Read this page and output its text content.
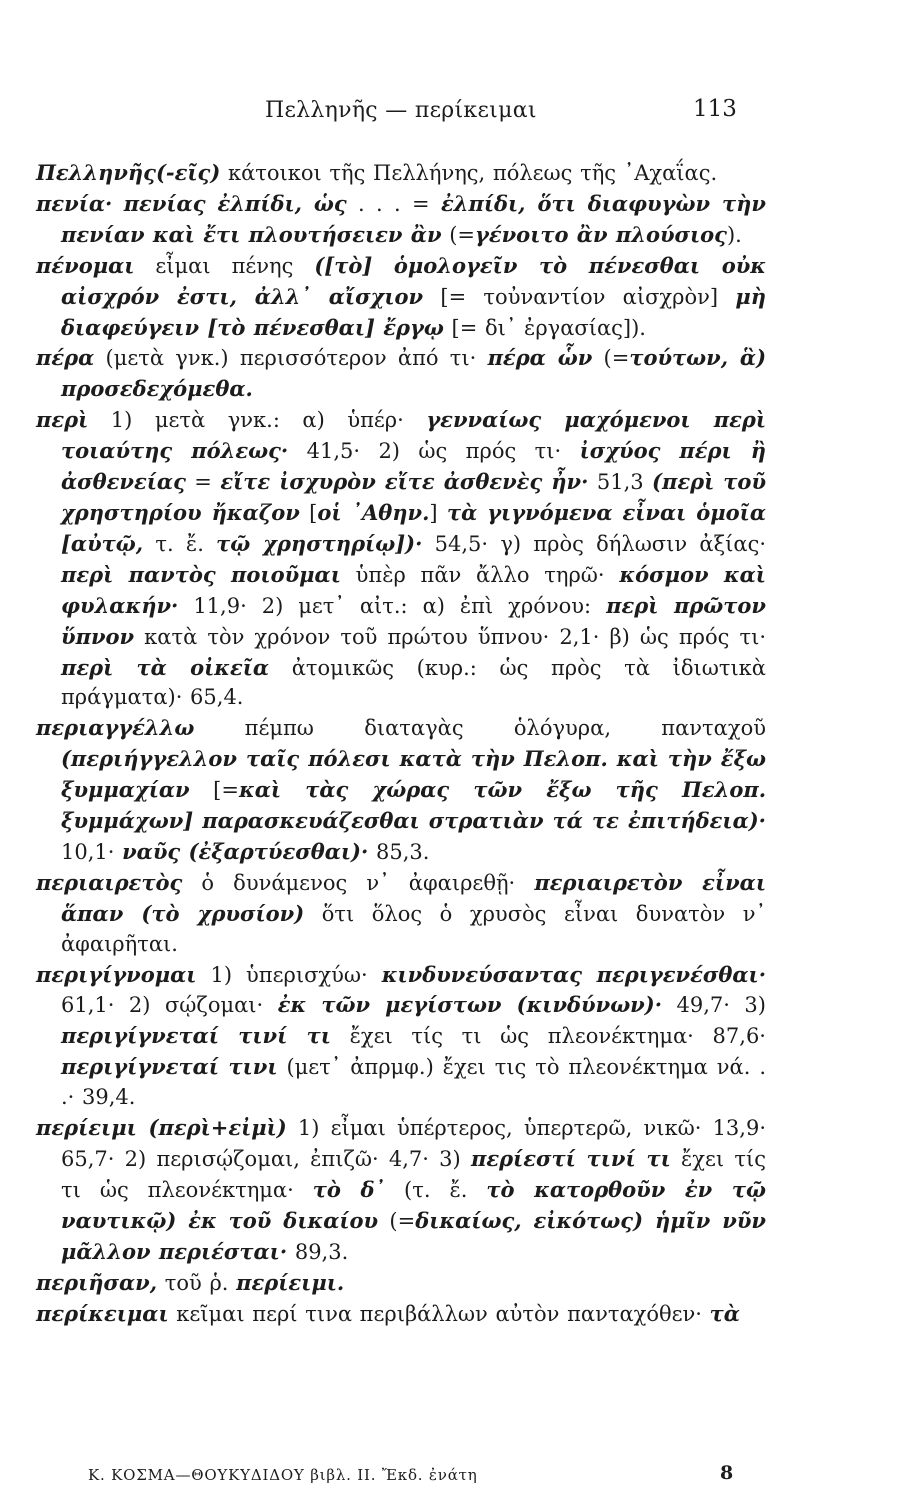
Πελληνῆς — περίκειμαι	113

Πελληνῆς(-εῖς) κάτοικοι τῆς Πελλήνης, πόλεως τῆς ᾿Αχαΐας.

πενία· πενίας ἐλπίδι, ὡς . . . = ἐλπίδι, ὅτι διαφυγὼν τὴν πενίαν καὶ ἔτι πλουτήσειεν ἂν (=γένοιτο ἂν πλούσιος).

πένομαι εἶμαι πένης ([τὸ] ὁμολογεῖν τὸ πένεσθαι οὐκ αἰσχρόν ἐστι, ἀλλ᾿ αἴσχιον [= τοὐναντίον αἰσχρὸν] μὴ διαφεύγειν [τὸ πένεσθαι] ἔργῳ [= δι᾿ ἐργασίας]).

πέρα (μετὰ γνκ.) περισσότερον ἀπό τι· πέρα ὧν (=τούτων, ἃ) προσεδεχόμεθα.

περὶ 1) μετὰ γνκ.: α) ὑπέρ· γενναίως μαχόμενοι περὶ τοιαύτης πόλεως· 41,5· 2) ὡς πρός τι· ἰσχύος πέρι ἢ ἀσθενείας = εἴτε ἰσχυρὸν εἴτε ἀσθενὲς ἦν· 51,3 (περὶ τοῦ χρηστηρίου ἤκαζον [οἱ ᾿Αθην.] τὰ γιγνόμενα εἶναι ὁμοῖα [αὐτῷ, τ. ἔ. τῷ χρηστηρίῳ])· 54,5· γ) πρὸς δήλωσιν ἀξίας· περὶ παντὸς ποιοῦμαι ὑπὲρ πᾶν ἄλλο τηρῶ· κόσμον καὶ φυλακήν· 11,9· 2) μετ᾿ αἰτ.: α) ἐπὶ χρόνου: περὶ πρῶτον ὕπνον κατὰ τὸν χρόνον τοῦ πρώτου ὕπνου· 2,1· β) ὡς πρός τι· περὶ τὰ οἰκεῖα ἀτομικῶς (κυρ.: ὡς πρὸς τὰ ἰδιωτικὰ πράγματα)· 65,4.

περιαγγέλλω πέμπω διαταγὰς ὁλόγυρα, πανταχοῦ (περιήγγελλον ταῖς πόλεσι κατὰ τὴν Πελοπ. καὶ τὴν ἔξω ξυμμαχίαν [=καὶ τὰς χώρας τῶν ἔξω τῆς Πελοπ. ξυμμάχων] παρασκευάζεσθαι στρατιὰν τά τε ἐπιτήδεια)· 10,1· ναῦς (ἐξαρτύεσθαι)· 85,3.

περιαιρετὸς ὁ δυνάμενος ν᾿ ἀφαιρεθῇ· περιαιρετὸν εἶναι ἅπαν (τὸ χρυσίον) ὅτι ὅλος ὁ χρυσὸς εἶναι δυνατὸν ν᾿ ἀφαιρῆται.

περιγίγνομαι 1) ὑπερισχύω· κινδυνεύσαντας περιγενέσθαι· 61,1· 2) σῴζομαι· ἐκ τῶν μεγίστων (κινδύνων)· 49,7· 3) περιγίγνεταί τινί τι ἔχει τίς τι ὡς πλεονέκτημα· 87,6· περιγίγνεταί τινι (μετ᾿ ἀπρμφ.) ἔχει τις τὸ πλεονέκτημα νά. . .· 39,4.

περίειμι (περὶ+εἰμὶ) 1) εἶμαι ὑπέρτερος, ὑπερτερῶ, νικῶ· 13,9· 65,7· 2) περισῴζομαι, ἐπιζῶ· 4,7· 3) περίεστί τινί τι ἔχει τίς τι ὡς πλεονέκτημα· τὸ δ᾿ (τ. ἔ. τὸ κατορθοῦν ἐν τῷ ναυτικῷ) ἐκ τοῦ δικαίου (=δικαίως, εἰκότως) ἡμῖν νῦν μᾶλλον περιέσται· 89,3.

περιῆσαν, τοῦ ῥ. περίειμι.

περίκειμαι κεῖμαι περί τινα περιβάλλων αὐτὸν πανταχόθεν· τὰ

Κ. ΚΟΣΜΑ—ΘΟΥΚΥΔΙΔΟΥ βιβλ. ΙΙ. Ἔκδ. ἐνάτη	8
